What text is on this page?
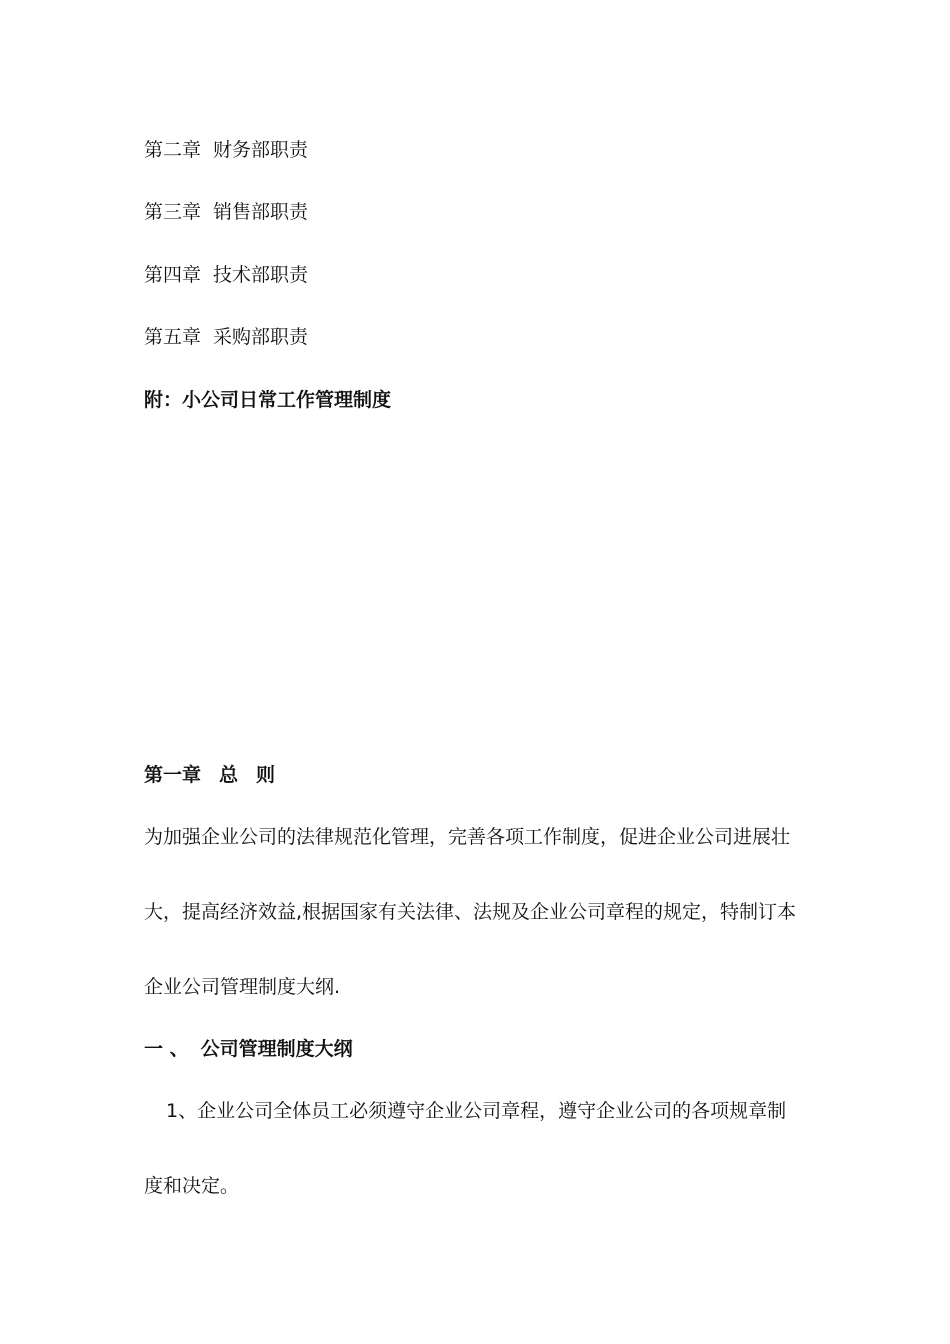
第二章 财务部职责
第三章 销售部职责
第四章 技术部职责
第五章 采购部职责
附：小公司日常工作管理制度
第一章 总 则
为加强企业公司的法律规范化管理，完善各项工作制度，促进企业公司进展壮
大，提高经济效益,根据国家有关法律、法规及企业公司章程的规定，特制订本
企业公司管理制度大纲.
一 、 公司管理制度大纲
1、企业公司全体员工必须遵守企业公司章程，遵守企业公司的各项规章制
度和决定。
